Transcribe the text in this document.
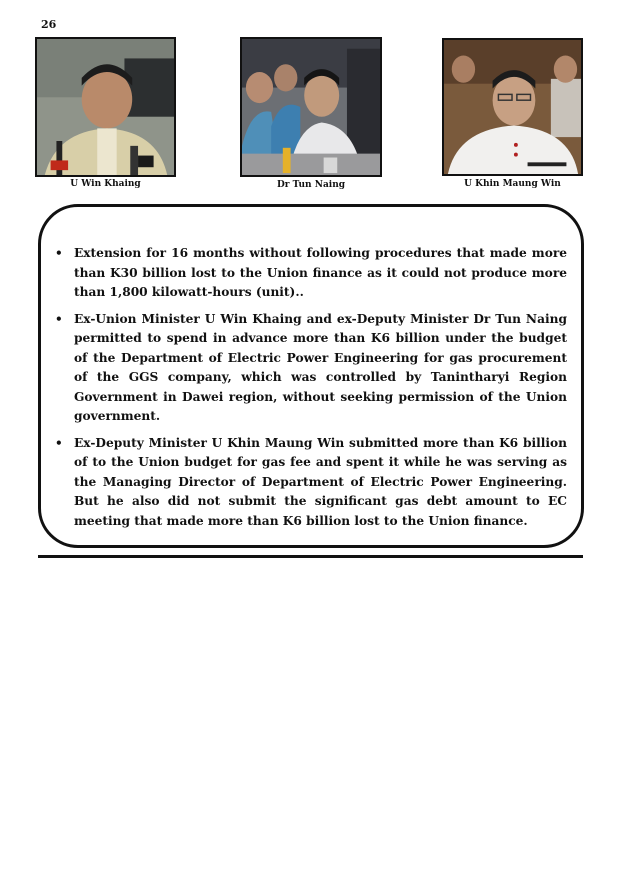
26
U Win Khaing	Dr Tun Naing	U Khin Maung Win
• Extension for 16 months without following procedures that made more than K30 billion lost to the Union finance as it could not produce more than 1,800 kilowatt-hours (unit)..
• Ex-Union Minister U Win Khaing and ex-Deputy Minister Dr Tun Naing permitted to spend in advance more than K6 billion under the budget of the Department of Electric Power Engineering for gas procurement of the GGS company, which was controlled by Tanintharyi Region Government in Dawei region, without seeking permission of the Union government.
• Ex-Deputy Minister U Khin Maung Win submitted more than K6 billion of to the Union budget for gas fee and spent it while he was serving as the Managing Director of Department of Electric Power Engineering. But he also did not submit the significant gas debt amount to EC meeting that made more than K6 billion lost to the Union finance.
